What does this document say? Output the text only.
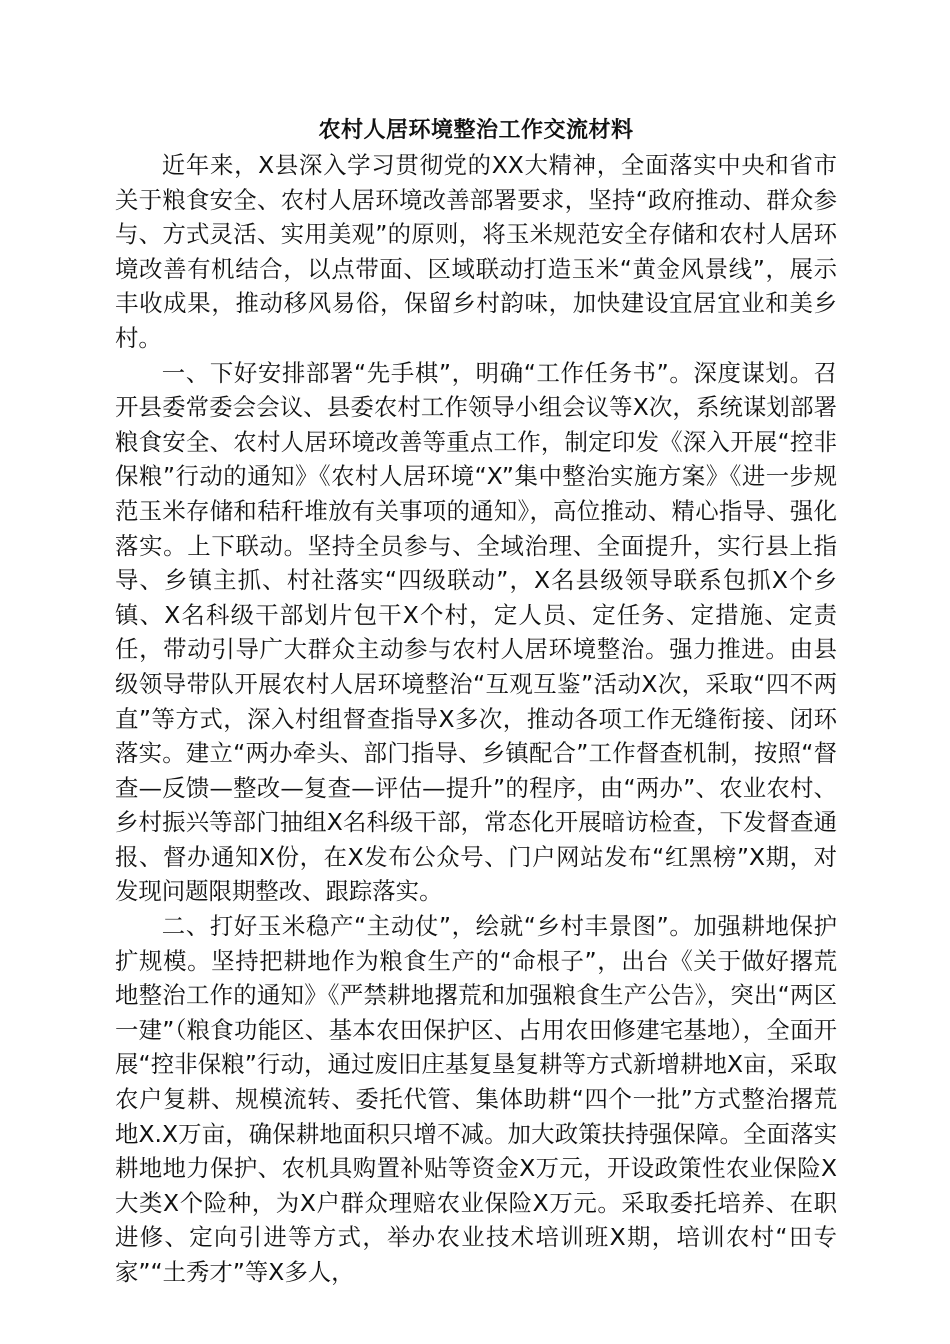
农村人居环境整治工作交流材料

近年来，X县深入学习贯彻党的XX大精神，全面落实中央和省市关于粮食安全、农村人居环境改善部署要求，坚持“政府推动、群众参与、方式灵活、实用美观”的原则，将玉米规范安全存储和农村人居环境改善有机结合，以点带面、区域联动打造玉米“黄金风景线”，展示丰收成果，推动移风易俗，保留乡村韵味，加快建设宜居宜业和美乡村。

一、下好安排部署“先手棋”，明确“工作任务书”。深度谋划。召开县委常委会会议、县委农村工作领导小组会议等X次，系统谋划部署粮食安全、农村人居环境改善等重点工作，制定印发《深入开展“控非保粮”行动的通知》《农村人居环境“X”集中整治实施方案》《进一步规范玉米存储和秸秆堆放有关事项的通知》，高位推动、精心指导、强化落实。上下联动。坚持全员参与、全域治理、全面提升，实行县上指导、乡镇主抓、村社落实“四级联动”，X名县级领导联系包抓X个乡镇、X名科级干部划片包干X个村，定人员、定任务、定措施、定责任，带动引导广大群众主动参与农村人居环境整治。强力推进。由县级领导带队开展农村人居环境整治“互观互鉴”活动X次，采取“四不两直”等方式，深入村组督查指导X多次，推动各项工作无缝衔接、闭环落实。建立“两办牵头、部门指导、乡镇配合”工作督查机制，按照“督查—反馈—整改—复查—评估—提升”的程序，由“两办”、农业农村、乡村振兴等部门抽组X名科级干部，常态化开展暗访检查，下发督查通报、督办通知X份，在X发布公众号、门户网站发布“红黑榜”X期，对发现问题限期整改、跟踪落实。

二、打好玉米稳产“主动仗”，绘就“乡村丰景图”。加强耕地保护扩规模。坚持把耕地作为粮食生产的“命根子”，出台《关于做好撂荒地整治工作的通知》《严禁耕地撂荒和加强粮食生产公告》，突出“两区一建”（粮食功能区、基本农田保护区、占用农田修建宅基地），全面开展“控非保粮”行动，通过废旧庄基复垦复耕等方式新增耕地X亩，采取农户复耕、规模流转、委托代管、集体助耕“四个一批”方式整治撂荒地X.X万亩，确保耕地面积只增不减。加大政策扶持强保障。全面落实耕地地力保护、农机具购置补贴等资金X万元，开设政策性农业保险X大类X个险种，为X户群众理赔农业保险X万元。采取委托培养、在职进修、定向引进等方式，举办农业技术培训班X期，培训农村“田专家”“土秀才”等X多人，
